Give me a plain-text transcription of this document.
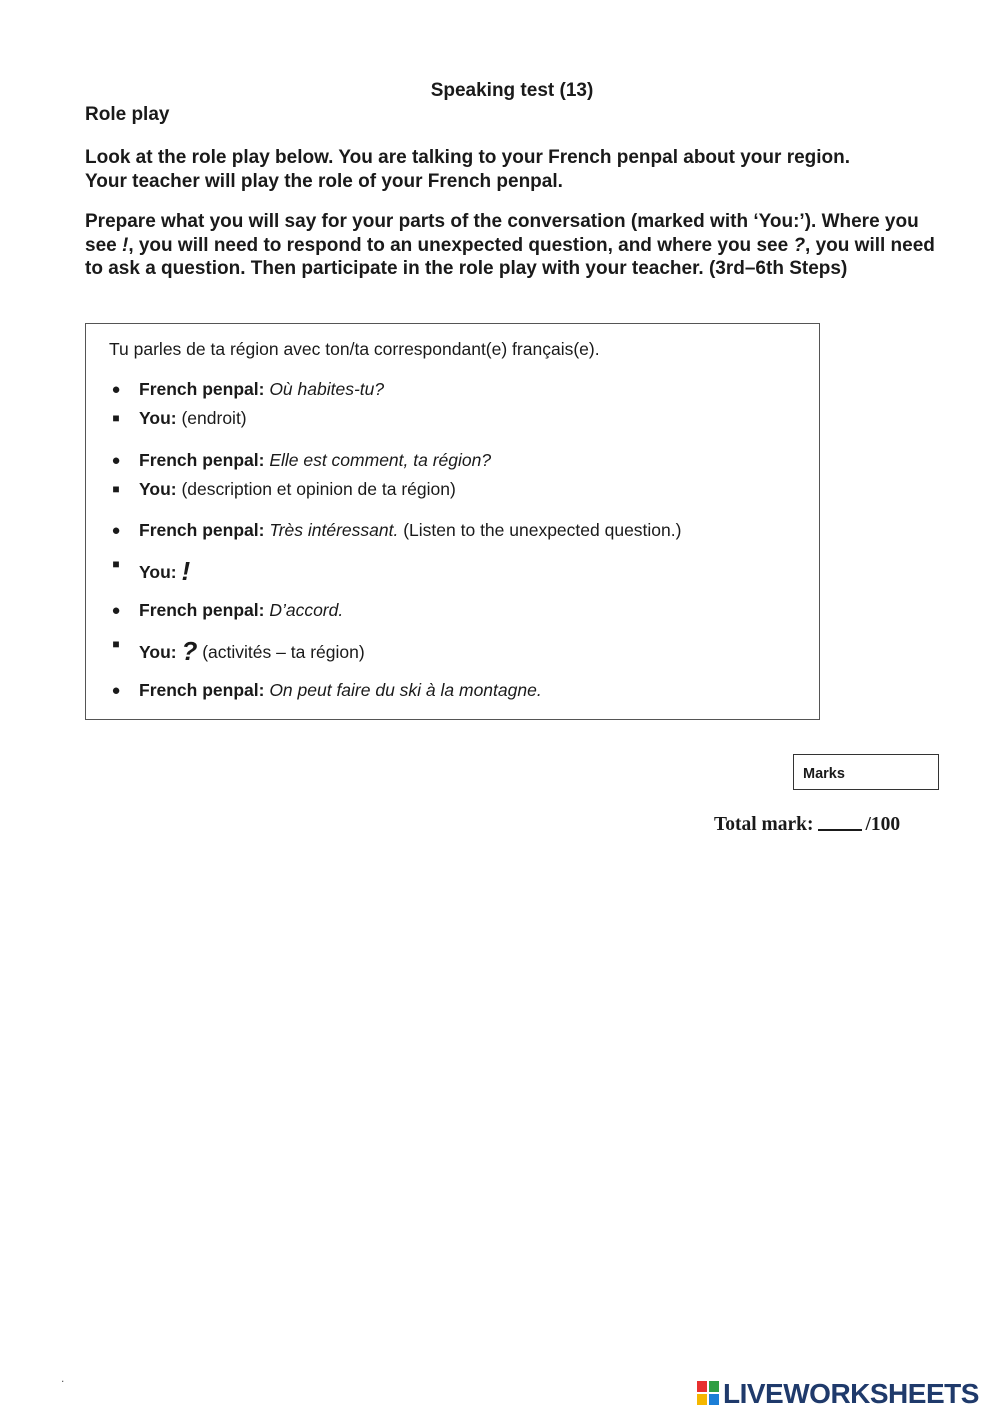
Speaking test (13)
Role play
Look at the role play below. You are talking to your French penpal about your region.
Your teacher will play the role of your French penpal.
Prepare what you will say for your parts of the conversation (marked with ‘You:’). Where you see !, you will need to respond to an unexpected question, and where you see ?, you will need to ask a question. Then participate in the role play with your teacher. (3rd–6th Steps)
Tu parles de ta région avec ton/ta correspondant(e) français(e).
● French penpal: Où habites-tu?
■ You: (endroit)
● French penpal: Elle est comment, ta région?
■ You: (description et opinion de ta région)
● French penpal: Très intéressant. (Listen to the unexpected question.)
■ You: !
● French penpal: D’accord.
■ You: ? (activités – ta région)
● French penpal: On peut faire du ski à la montagne.
Marks
Total mark:	/100
.	LIVEWORKSHEETS
